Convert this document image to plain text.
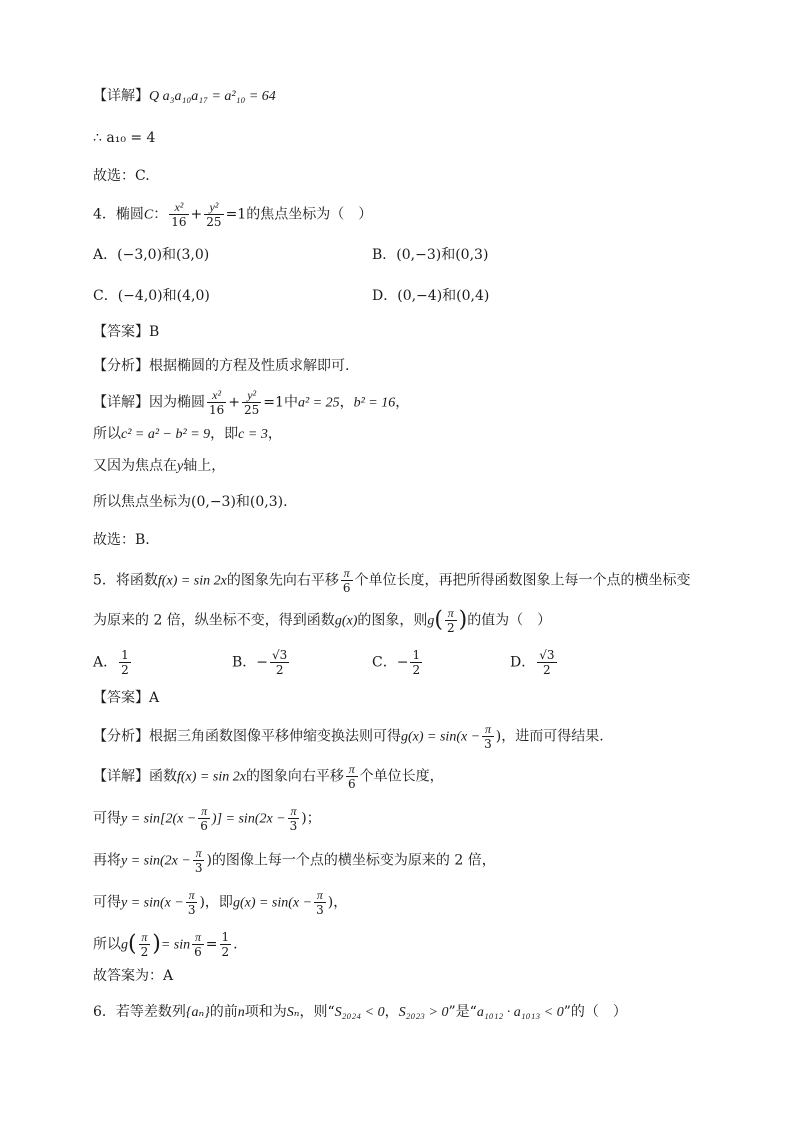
【详解】Q a₃a₁₀a₁₇ = a²₁₀ = 64
∴ a₁₀ = 4
故选：C.
4．椭圆C： $\frac{\text{x²}}{16} + \frac{\text{y²}}{25} =1$的焦点坐标为（　）
A．(−3,0)和(3,0)	B．(0,−3)和(0,3)
C．(−4,0)和(4,0)	D．(0,−4)和(0,4)
【答案】B
【分析】根据椭圆的方程及性质求解即可.
【详解】因为椭圆 $\frac{\text{x²}}{16} + \frac{\text{y²}}{25} =1$中a² = 25，b² = 16，
所以c² = a² − b² = 9，即c = 3，
又因为焦点在y轴上，
所以焦点坐标为(0,−3)和(0,3).
故选：B.
5．将函数f(x) = sin 2x的图象先向右平移 $\frac{\pi}{6}$ 个单位长度，再把所得函数图象上每一个点的横坐标变
为原来的 2 倍，纵坐标不变，得到函数g(x)的图象，则$g( \frac{\pi}{2}$ )的值为（　）
A． $\frac{1}{2}$	B．− $\frac{√3}{2}$	C．− $\frac{1}{2}$	D． $\frac{√3}{2}$
【答案】A
【分析】根据三角函数图像平移伸缩变换法则可得$g(x) = \sin(x - \frac{\pi}{3}$ )，进而可得结果.
【详解】函数f(x) = sin 2x的图象向右平移 $\frac{\pi}{6}$ 个单位长度，
可得$y = \sin[2(x - \frac{\pi}{6}$ )] = $\sin(2x - \frac{\pi}{3}$ )；
再将$y = \sin(2x - \frac{\pi}{3}$ )的图像上每一个点的横坐标变为原来的 2 倍，
可得$y = \sin(x - \frac{\pi}{3}$ )，即$g(x) = \sin(x - \frac{\pi}{3}$ )，
所以$g( \frac{\pi}{2}$ )= $\sin \frac{\pi}{6} = \frac{1}{2}$ .
故答案为：A
6．若等差数列{aₙ}的前n项和为Sₙ，则“S₂₀₂₄ < 0，S₂₀₂₃ > 0”是“a₁₀₁₂ · a₁₀₁₃ < 0”的（　）
